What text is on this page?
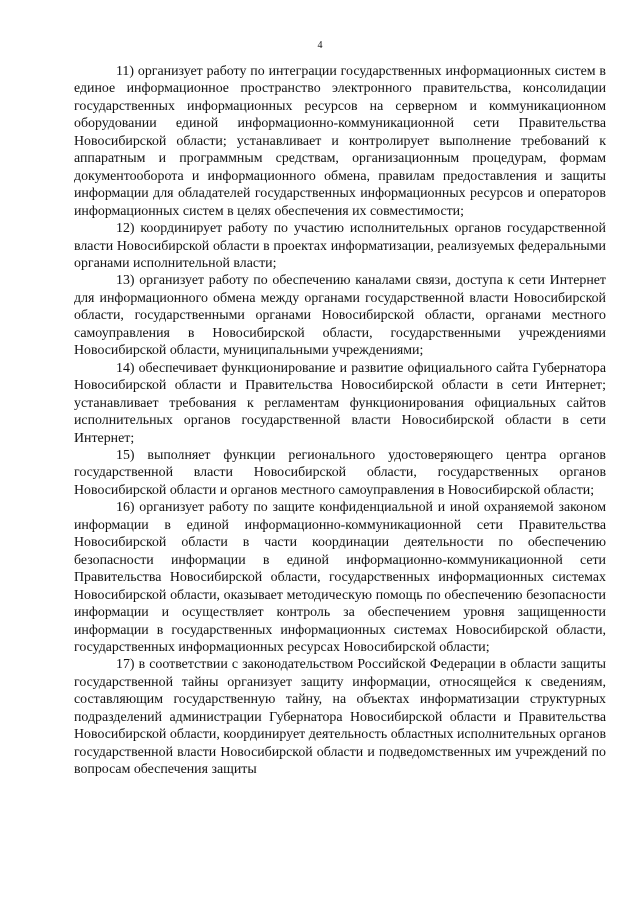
4

11) организует работу по интеграции государственных информационных систем в единое информационное пространство электронного правительства, консолидации государственных информационных ресурсов на серверном и коммуникационном оборудовании единой информационно-коммуникационной сети Правительства Новосибирской области; устанавливает и контролирует выполнение требований к аппаратным и программным средствам, организационным процедурам, формам документооборота и информационного обмена, правилам предоставления и защиты информации для обладателей государственных информационных ресурсов и операторов информационных систем в целях обеспечения их совместимости;

12) координирует работу по участию исполнительных органов государственной власти Новосибирской области в проектах информатизации, реализуемых федеральными органами исполнительной власти;

13) организует работу по обеспечению каналами связи, доступа к сети Интернет для информационного обмена между органами государственной власти Новосибирской области, государственными органами Новосибирской области, органами местного самоуправления в Новосибирской области, государственными учреждениями Новосибирской области, муниципальными учреждениями;

14) обеспечивает функционирование и развитие официального сайта Губернатора Новосибирской области и Правительства Новосибирской области в сети Интернет; устанавливает требования к регламентам функционирования официальных сайтов исполнительных органов государственной власти Новосибирской области в сети Интернет;

15) выполняет функции регионального удостоверяющего центра органов государственной власти Новосибирской области, государственных органов Новосибирской области и органов местного самоуправления в Новосибирской области;

16) организует работу по защите конфиденциальной и иной охраняемой законом информации в единой информационно-коммуникационной сети Правительства Новосибирской области в части координации деятельности по обеспечению безопасности информации в единой информационно-коммуникационной сети Правительства Новосибирской области, государственных информационных системах Новосибирской области, оказывает методическую помощь по обеспечению безопасности информации и осуществляет контроль за обеспечением уровня защищенности информации в государственных информационных системах Новосибирской области, государственных информационных ресурсах Новосибирской области;

17) в соответствии с законодательством Российской Федерации в области защиты государственной тайны организует защиту информации, относящейся к сведениям, составляющим государственную тайну, на объектах информатизации структурных подразделений администрации Губернатора Новосибирской области и Правительства Новосибирской области, координирует деятельность областных исполнительных органов государственной власти Новосибирской области и подведомственных им учреждений по вопросам обеспечения защиты
